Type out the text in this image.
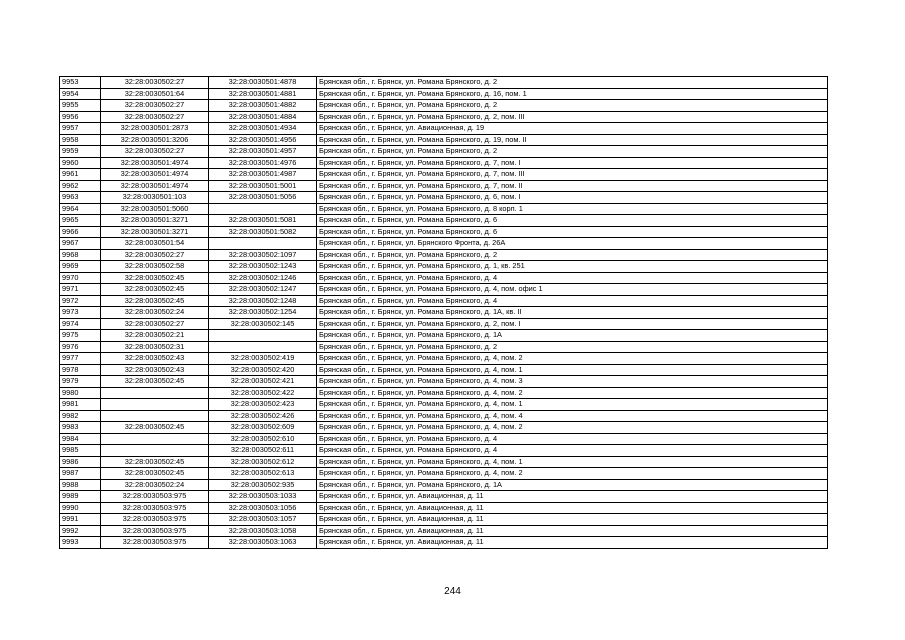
9953	32:28:0030502:27	32:28:0030501:4878	Брянская обл., г. Брянск, ул. Романа Брянского, д. 2
9954	32:28:0030501:64	32:28:0030501:4881	Брянская обл., г. Брянск, ул. Романа Брянского, д. 16, пом. 1
9955	32:28:0030502:27	32:28:0030501:4882	Брянская обл., г. Брянск, ул. Романа Брянского, д. 2
9956	32:28:0030502:27	32:28:0030501:4884	Брянская обл., г. Брянск, ул. Романа Брянского, д. 2, пом. III
9957	32:28:0030501:2873	32:28:0030501:4934	Брянская обл., г. Брянск, ул. Авиационная, д. 19
9958	32:28:0030501:3206	32:28:0030501:4956	Брянская обл., г. Брянск, ул. Романа Брянского, д. 19, пом. II
9959	32:28:0030502:27	32:28:0030501:4957	Брянская обл., г. Брянск, ул. Романа Брянского, д. 2
9960	32:28:0030501:4974	32:28:0030501:4976	Брянская обл., г. Брянск, ул. Романа Брянского, д. 7, пом. I
9961	32:28:0030501:4974	32:28:0030501:4987	Брянская обл., г. Брянск, ул. Романа Брянского, д. 7, пом. III
9962	32:28:0030501:4974	32:28:0030501:5001	Брянская обл., г. Брянск, ул. Романа Брянского, д. 7, пом. II
9963	32:28:0030501:103	32:28:0030501:5056	Брянская обл., г. Брянск, ул. Романа Брянского, д. 6, пом. I
9964	32:28:0030501:5060		Брянская обл., г. Брянск, ул. Романа Брянского, д. 8 корп. 1
9965	32:28:0030501:3271	32:28:0030501:5081	Брянская обл., г. Брянск, ул. Романа Брянского, д. 6
9966	32:28:0030501:3271	32:28:0030501:5082	Брянская обл., г. Брянск, ул. Романа Брянского, д. 6
9967	32:28:0030501:54		Брянская обл., г. Брянск, ул. Брянского Фронта, д. 26А
9968	32:28:0030502:27	32:28:0030502:1097	Брянская обл., г. Брянск, ул. Романа Брянского, д. 2
9969	32:28:0030502:58	32:28:0030502:1243	Брянская обл., г. Брянск, ул. Романа Брянского, д. 1, кв. 251
9970	32:28:0030502:45	32:28:0030502:1246	Брянская обл., г. Брянск, ул. Романа Брянского, д. 4
9971	32:28:0030502:45	32:28:0030502:1247	Брянская обл., г. Брянск, ул. Романа Брянского, д. 4, пом. офис 1
9972	32:28:0030502:45	32:28:0030502:1248	Брянская обл., г. Брянск, ул. Романа Брянского, д. 4
9973	32:28:0030502:24	32:28:0030502:1254	Брянская обл., г. Брянск, ул. Романа Брянского, д. 1А, кв. II
9974	32:28:0030502:27	32:28:0030502:145	Брянская обл., г. Брянск, ул. Романа Брянского, д. 2, пом. I
9975	32:28:0030502:21		Брянская обл., г. Брянск, ул. Романа Брянского, д. 1А
9976	32:28:0030502:31		Брянская обл., г. Брянск, ул. Романа Брянского, д. 2
9977	32:28:0030502:43	32:28:0030502:419	Брянская обл., г. Брянск, ул. Романа Брянского, д. 4, пом. 2
9978	32:28:0030502:43	32:28:0030502:420	Брянская обл., г. Брянск, ул. Романа Брянского, д. 4, пом. 1
9979	32:28:0030502:45	32:28:0030502:421	Брянская обл., г. Брянск, ул. Романа Брянского, д. 4, пом. 3
9980		32:28:0030502:422	Брянская обл., г. Брянск, ул. Романа Брянского, д. 4, пом. 2
9981		32:28:0030502:423	Брянская обл., г. Брянск, ул. Романа Брянского, д. 4, пом. 1
9982		32:28:0030502:426	Брянская обл., г. Брянск, ул. Романа Брянского, д. 4, пом. 4
9983	32:28:0030502:45	32:28:0030502:609	Брянская обл., г. Брянск, ул. Романа Брянского, д. 4, пом. 2
9984		32:28:0030502:610	Брянская обл., г. Брянск, ул. Романа Брянского, д. 4
9985		32:28:0030502:611	Брянская обл., г. Брянск, ул. Романа Брянского, д. 4
9986	32:28:0030502:45	32:28:0030502:612	Брянская обл., г. Брянск, ул. Романа Брянского, д. 4, пом. 1
9987	32:28:0030502:45	32:28:0030502:613	Брянская обл., г. Брянск, ул. Романа Брянского, д. 4, пом. 2
9988	32:28:0030502:24	32:28:0030502:935	Брянская обл., г. Брянск, ул. Романа Брянского, д. 1А
9989	32:28:0030503:975	32:28:0030503:1033	Брянская обл., г. Брянск, ул. Авиационная, д. 11
9990	32:28:0030503:975	32:28:0030503:1056	Брянская обл., г. Брянск, ул. Авиационная, д. 11
9991	32:28:0030503:975	32:28:0030503:1057	Брянская обл., г. Брянск, ул. Авиационная, д. 11
9992	32:28:0030503:975	32:28:0030503:1058	Брянская обл., г. Брянск, ул. Авиационная, д. 11
9993	32:28:0030503:975	32:28:0030503:1063	Брянская обл., г. Брянск, ул. Авиационная, д. 11
244
